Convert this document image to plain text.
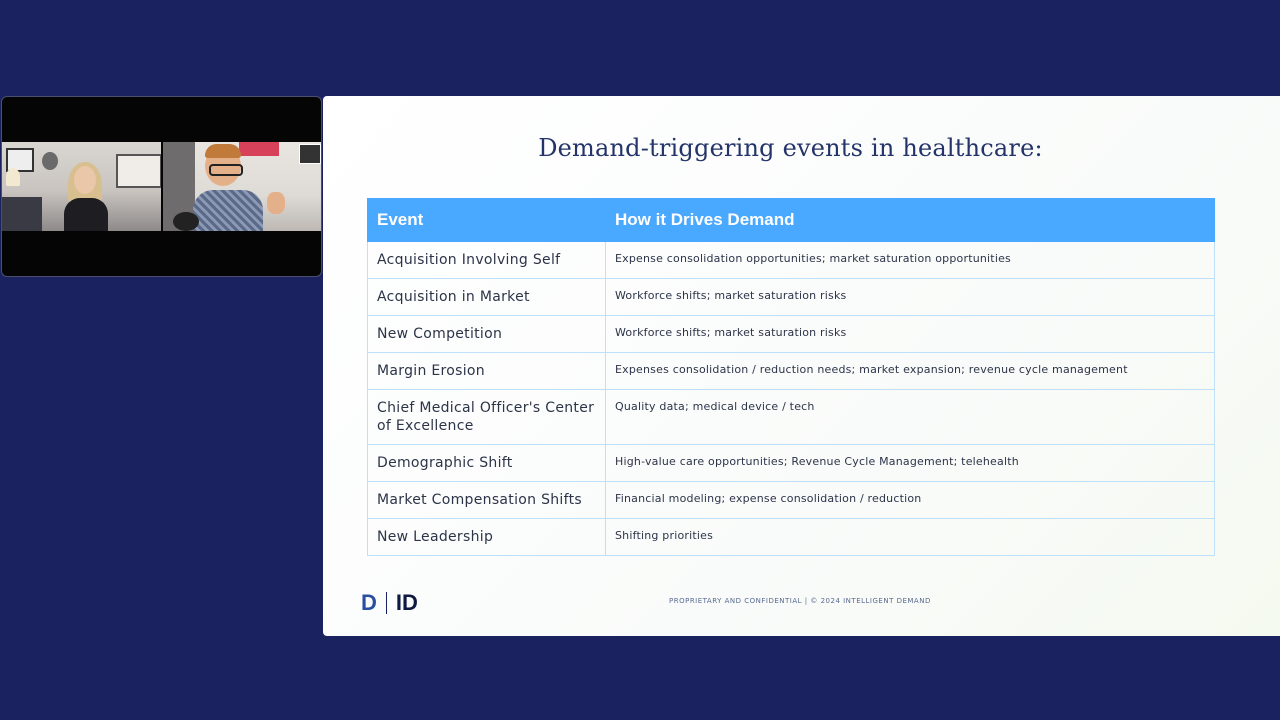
Demand-triggering events in healthcare:
Event	How it Drives Demand
Acquisition Involving Self	Expense consolidation opportunities; market saturation opportunities
Acquisition in Market	Workforce shifts; market saturation risks
New Competition	Workforce shifts; market saturation risks
Margin Erosion	Expenses consolidation / reduction needs; market expansion; revenue cycle management
Chief Medical Officer's Center of Excellence	Quality data; medical device / tech
Demographic Shift	High-value care opportunities; Revenue Cycle Management; telehealth
Market Compensation Shifts	Financial modeling; expense consolidation / reduction
New Leadership	Shifting priorities
D ID	PROPRIETARY AND CONFIDENTIAL | © 2024 INTELLIGENT DEMAND
